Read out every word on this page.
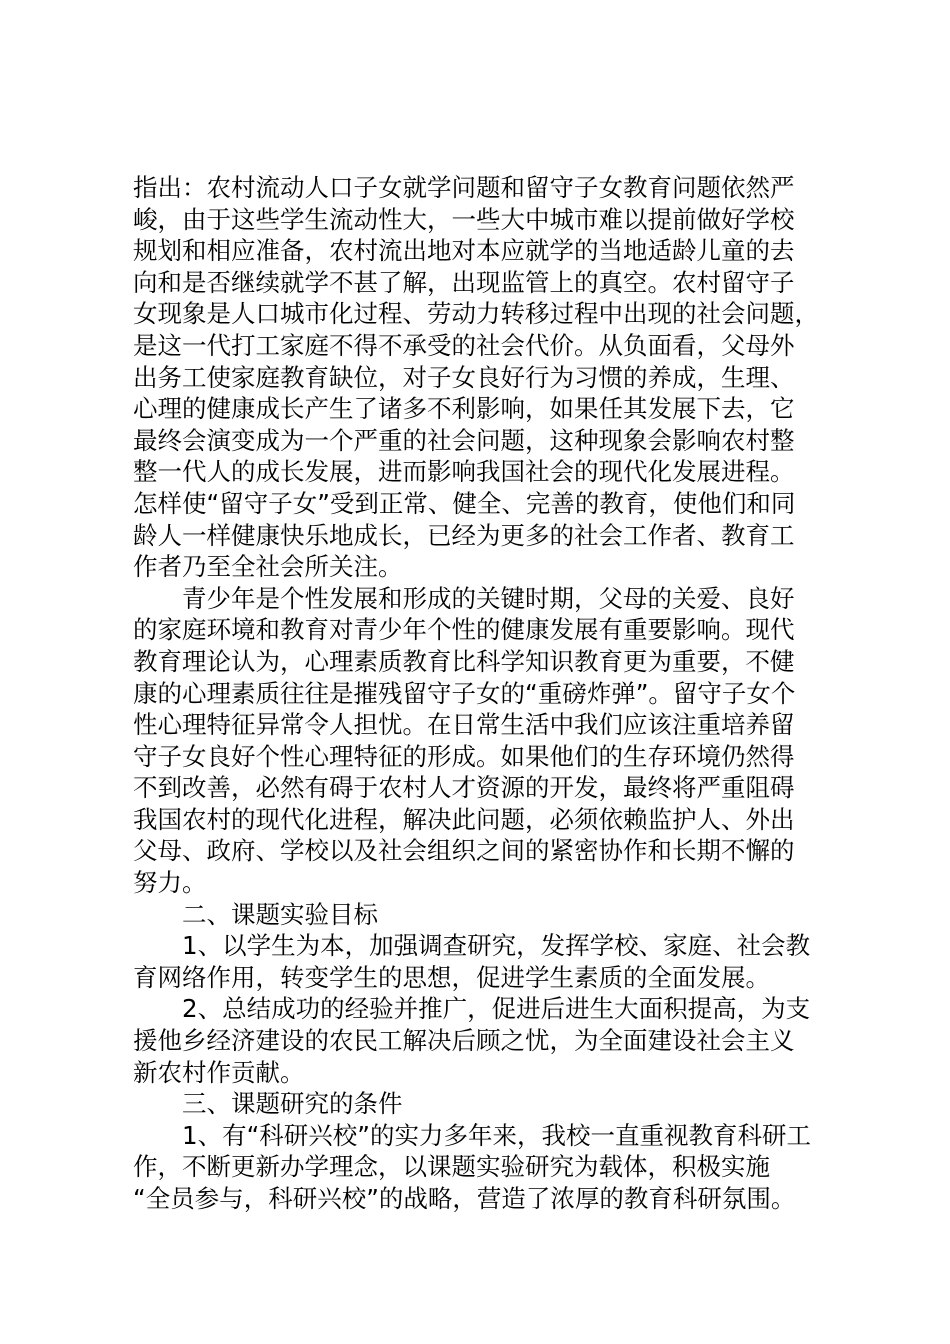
指出：农村流动人口子女就学问题和留守子女教育问题依然严
峻，由于这些学生流动性大，一些大中城市难以提前做好学校
规划和相应准备，农村流出地对本应就学的当地适龄儿童的去
向和是否继续就学不甚了解，出现监管上的真空。农村留守子
女现象是人口城市化过程、劳动力转移过程中出现的社会问题，
是这一代打工家庭不得不承受的社会代价。从负面看，父母外
出务工使家庭教育缺位，对子女良好行为习惯的养成，生理、
心理的健康成长产生了诸多不利影响，如果任其发展下去，它
最终会演变成为一个严重的社会问题，这种现象会影响农村整
整一代人的成长发展，进而影响我国社会的现代化发展进程。
怎样使“留守子女”受到正常、健全、完善的教育，使他们和同
龄人一样健康快乐地成长，已经为更多的社会工作者、教育工
作者乃至全社会所关注。
　　青少年是个性发展和形成的关键时期，父母的关爱、良好
的家庭环境和教育对青少年个性的健康发展有重要影响。现代
教育理论认为，心理素质教育比科学知识教育更为重要，不健
康的心理素质往往是摧残留守子女的“重磅炸弹”。留守子女个
性心理特征异常令人担忧。在日常生活中我们应该注重培养留
守子女良好个性心理特征的形成。如果他们的生存环境仍然得
不到改善，必然有碍于农村人才资源的开发，最终将严重阻碍
我国农村的现代化进程，解决此问题，必须依赖监护人、外出
父母、政府、学校以及社会组织之间的紧密协作和长期不懈的
努力。
　　二、课题实验目标
　　1、以学生为本，加强调查研究，发挥学校、家庭、社会教
育网络作用，转变学生的思想，促进学生素质的全面发展。
　　2、总结成功的经验并推广，促进后进生大面积提高，为支
援他乡经济建设的农民工解决后顾之忧，为全面建设社会主义
新农村作贡献。
　　三、课题研究的条件
　　1、有“科研兴校”的实力多年来，我校一直重视教育科研工
作，不断更新办学理念，以课题实验研究为载体，积极实施
“全员参与，科研兴校”的战略，营造了浓厚的教育科研氛围。
